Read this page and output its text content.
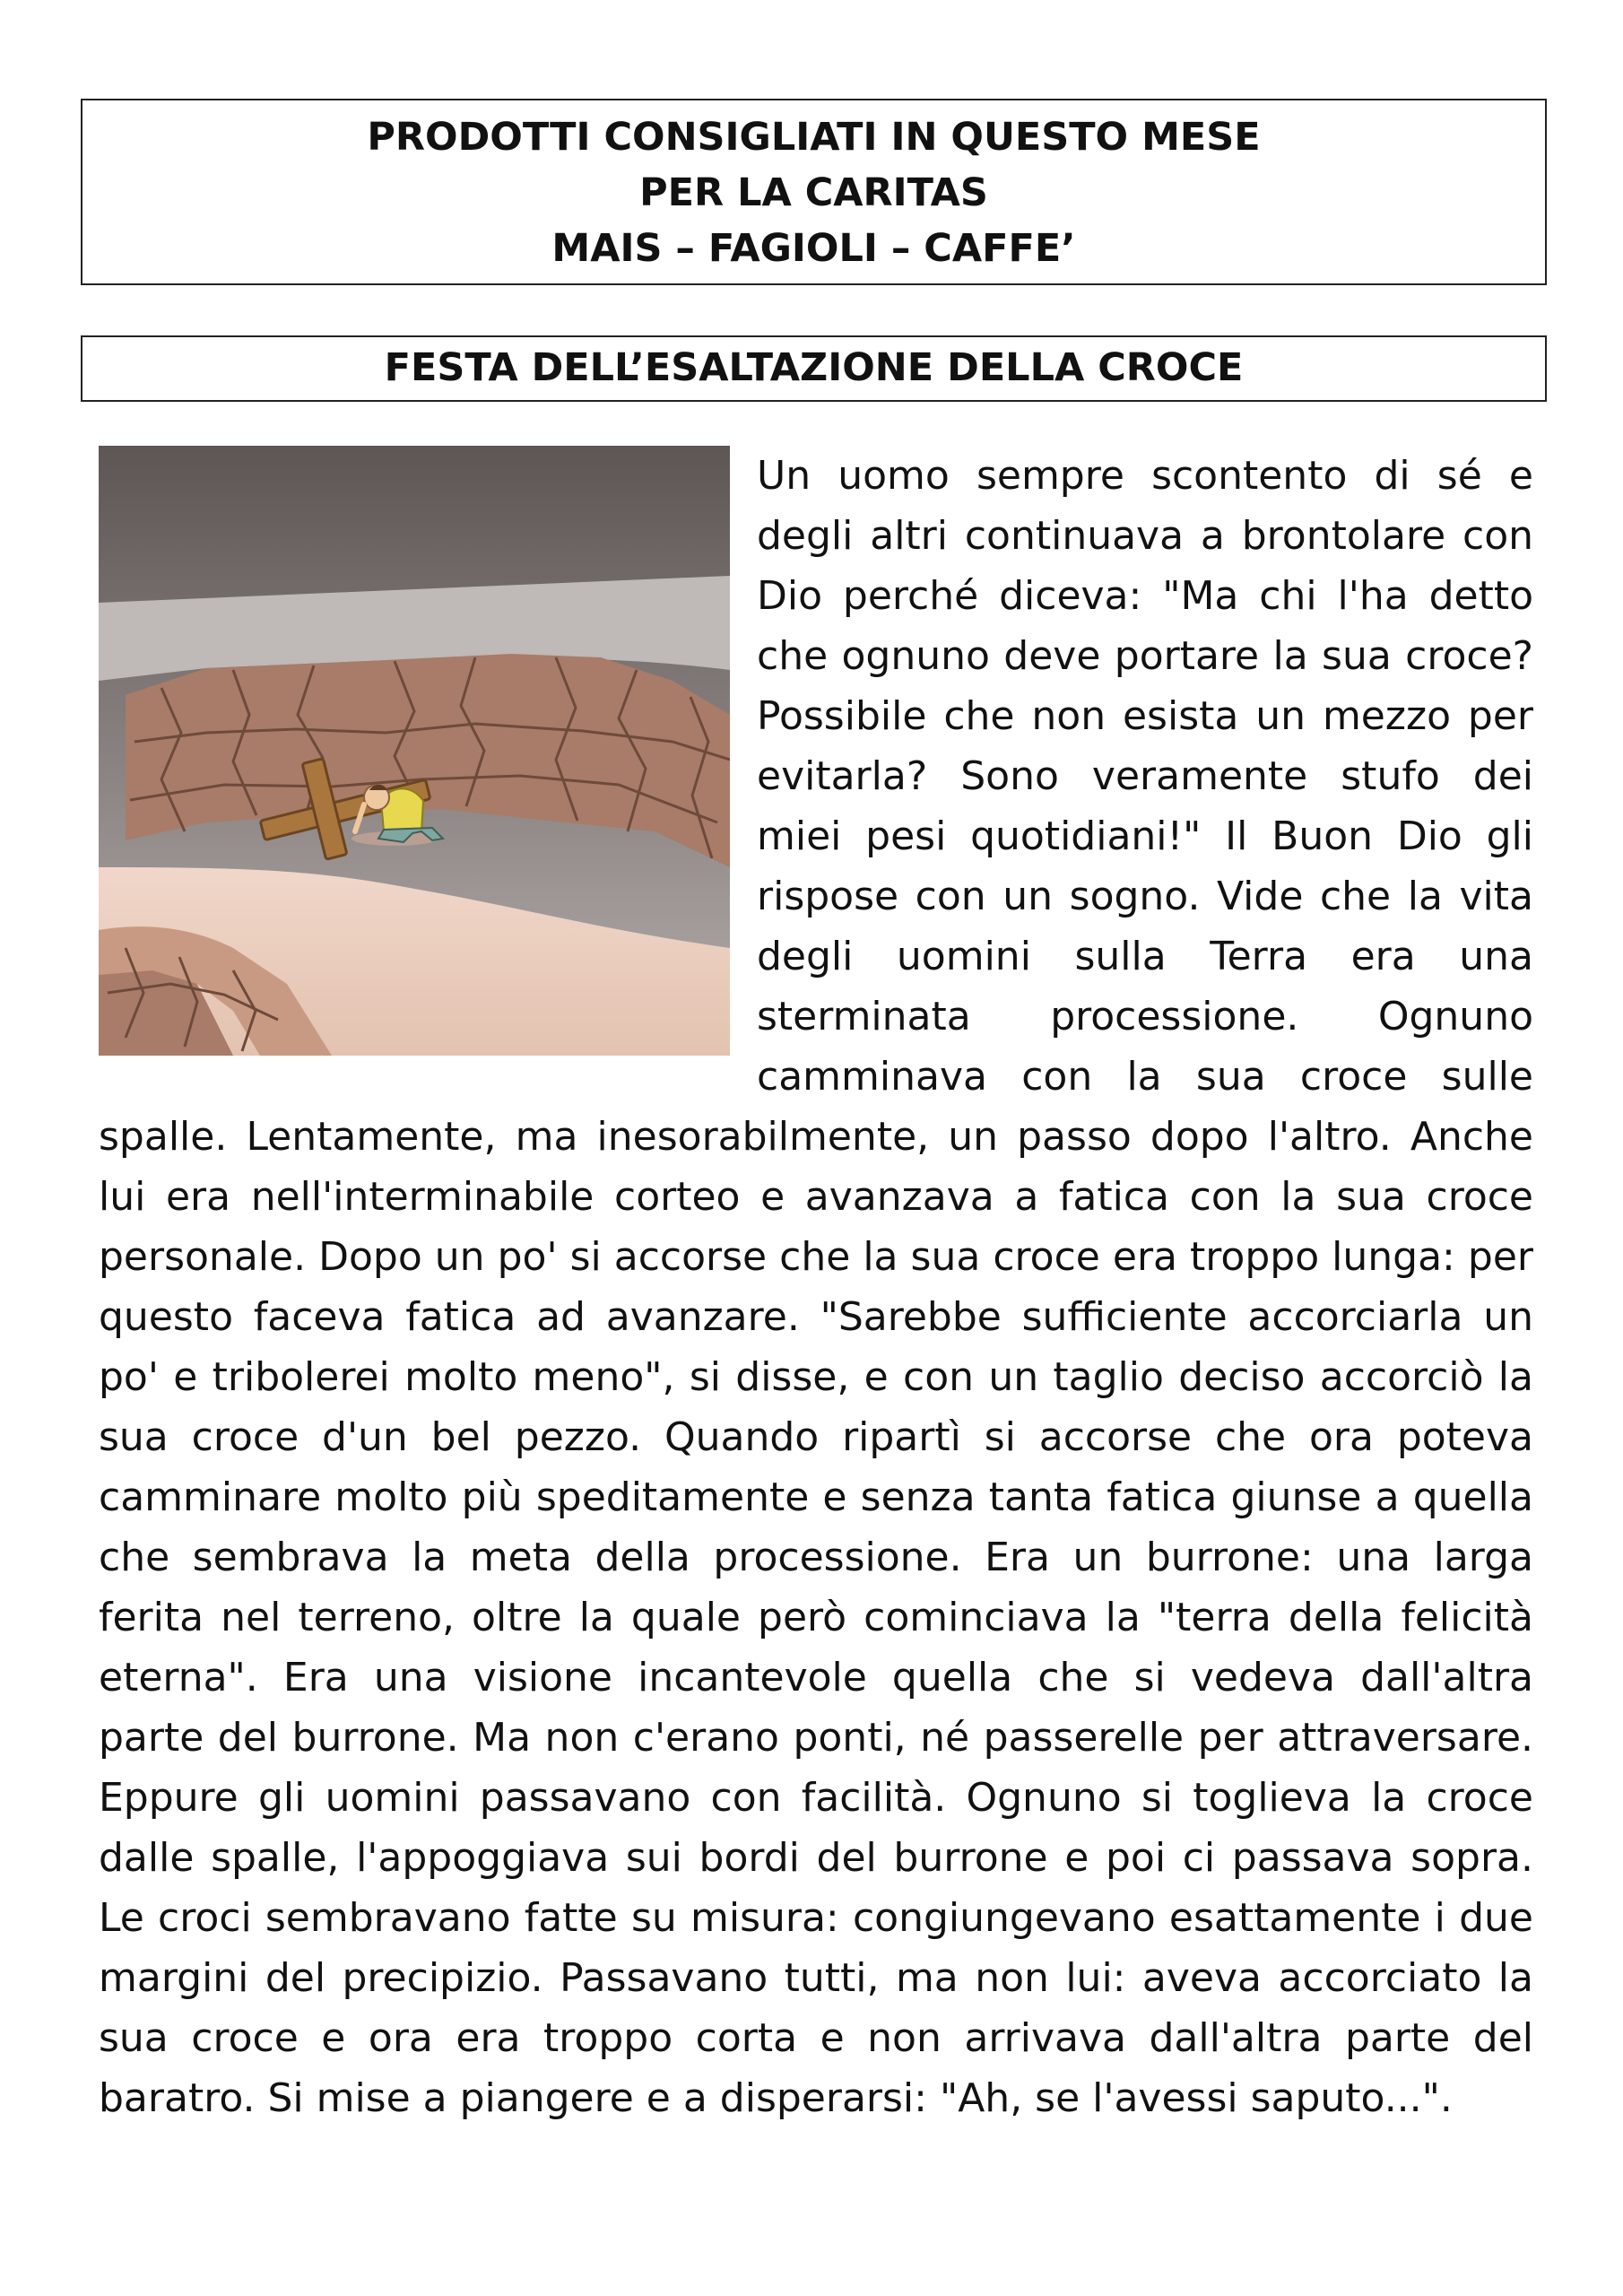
PRODOTTI CONSIGLIATI IN QUESTO MESE
PER LA CARITAS
MAIS – FAGIOLI – CAFFE’
FESTA DELL’ESALTAZIONE DELLA CROCE
Un uomo sempre scontento di sé e degli altri continuava a brontolare con Dio perché diceva: "Ma chi l'ha detto che ognuno deve portare la sua croce? Possibile che non esista un mezzo per evitarla? Sono veramente stufo dei miei pesi quotidiani!" Il Buon Dio gli rispose con un sogno. Vide che la vita degli uomini sulla Terra era una sterminata processione. Ognuno camminava con la sua croce sulle spalle. Lentamente, ma inesorabilmente, un passo dopo l'altro. Anche lui era nell'interminabile corteo e avanzava a fatica con la sua croce personale. Dopo un po' si accorse che la sua croce era troppo lunga: per questo faceva fatica ad avanzare. "Sarebbe sufficiente accorciarla un po' e tribolerei molto meno", si disse, e con un taglio deciso accorciò la sua croce d'un bel pezzo. Quando ripartì si accorse che ora poteva camminare molto più speditamente e senza tanta fatica giunse a quella che sembrava la meta della processione. Era un burrone: una larga ferita nel terreno, oltre la quale però cominciava la "terra della felicità eterna". Era una visione incantevole quella che si vedeva dall'altra parte del burrone. Ma non c'erano ponti, né passerelle per attraversare. Eppure gli uomini passavano con facilità. Ognuno si toglieva la croce dalle spalle, l'appoggiava sui bordi del burrone e poi ci passava sopra. Le croci sembravano fatte su misura: congiungevano esattamente i due margini del precipizio. Passavano tutti, ma non lui: aveva accorciato la sua croce e ora era troppo corta e non arrivava dall'altra parte del baratro. Si mise a piangere e a disperarsi: "Ah, se l'avessi saputo...".
